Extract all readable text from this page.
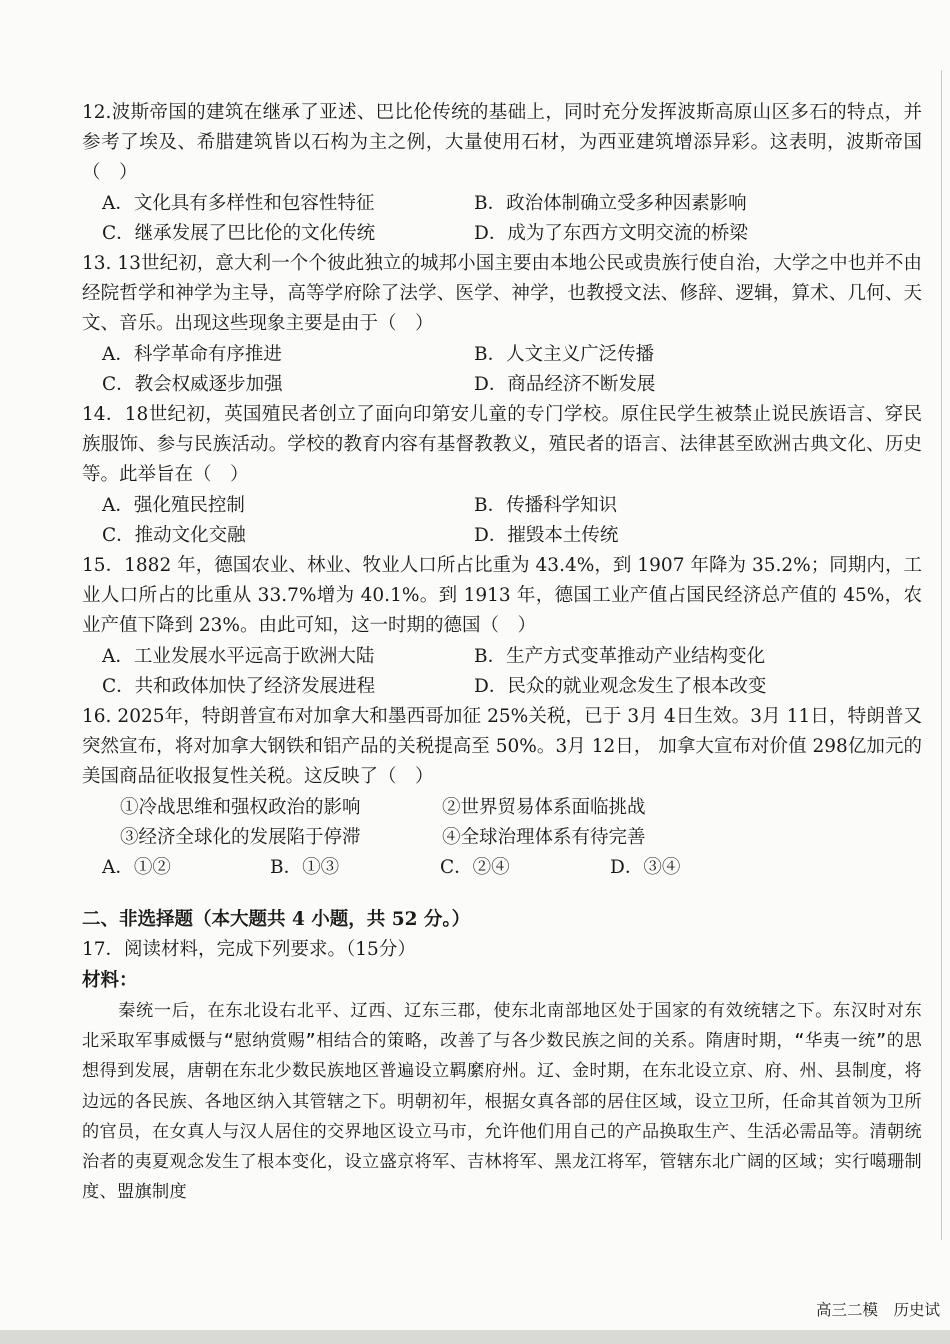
12.波斯帝国的建筑在继承了亚述、巴比伦传统的基础上，同时充分发挥波斯高原山区多石的特点，并参考了埃及、希腊建筑皆以石构为主之例，大量使用石材，为西亚建筑增添异彩。这表明，波斯帝国（　）

A．文化具有多样性和包容性特征	B．政治体制确立受多种因素影响
C．继承发展了巴比伦的文化传统	D．成为了东西方文明交流的桥梁

13. 13世纪初，意大利一个个彼此独立的城邦小国主要由本地公民或贵族行使自治，大学之中也并不由经院哲学和神学为主导，高等学府除了法学、医学、神学，也教授文法、修辞、逻辑，算术、几何、天文、音乐。出现这些现象主要是由于（　）

A．科学革命有序推进	B．人文主义广泛传播
C．教会权威逐步加强	D．商品经济不断发展

14．18世纪初，英国殖民者创立了面向印第安儿童的专门学校。原住民学生被禁止说民族语言、穿民族服饰、参与民族活动。学校的教育内容有基督教教义，殖民者的语言、法律甚至欧洲古典文化、历史等。此举旨在（　）

A．强化殖民控制	B．传播科学知识
C．推动文化交融	D．摧毁本土传统

15．1882 年，德国农业、林业、牧业人口所占比重为 43.4%，到 1907 年降为 35.2%；同期内，工业人口所占的比重从 33.7%增为 40.1%。到 1913 年，德国工业产值占国民经济总产值的 45%，农业产值下降到 23%。由此可知，这一时期的德国（　）

A．工业发展水平远高于欧洲大陆	B．生产方式变革推动产业结构变化
C．共和政体加快了经济发展进程	D．民众的就业观念发生了根本改变

16. 2025年，特朗普宣布对加拿大和墨西哥加征 25%关税，已于 3月 4日生效。3月 11日，特朗普又突然宣布，将对加拿大钢铁和铝产品的关税提高至 50%。3月 12日， 加拿大宣布对价值 298亿加元的美国商品征收报复性关税。这反映了（　）

①冷战思维和强权政治的影响	②世界贸易体系面临挑战
③经济全球化的发展陷于停滞	④全球治理体系有待完善
A．①②	B．①③	C．②④	D．③④
二、非选择题（本大题共 4 小题，共 52 分。）

17．阅读材料，完成下列要求。（15分）

材料：

秦统一后，在东北设右北平、辽西、辽东三郡，使东北南部地区处于国家的有效统辖之下。东汉时对东北采取军事威慑与“慰纳赏赐”相结合的策略，改善了与各少数民族之间的关系。隋唐时期，“华夷一统”的思想得到发展，唐朝在东北少数民族地区普遍设立羁縻府州。辽、金时期，在东北设立京、府、州、县制度，将边远的各民族、各地区纳入其管辖之下。明朝初年，根据女真各部的居住区域，设立卫所，任命其首领为卫所的官员，在女真人与汉人居住的交界地区设立马市，允许他们用自己的产品换取生产、生活必需品等。清朝统治者的夷夏观念发生了根本变化，设立盛京将军、吉林将军、黑龙江将军，管辖东北广阔的区域；实行噶珊制度、盟旗制度

高三二模　历史试
